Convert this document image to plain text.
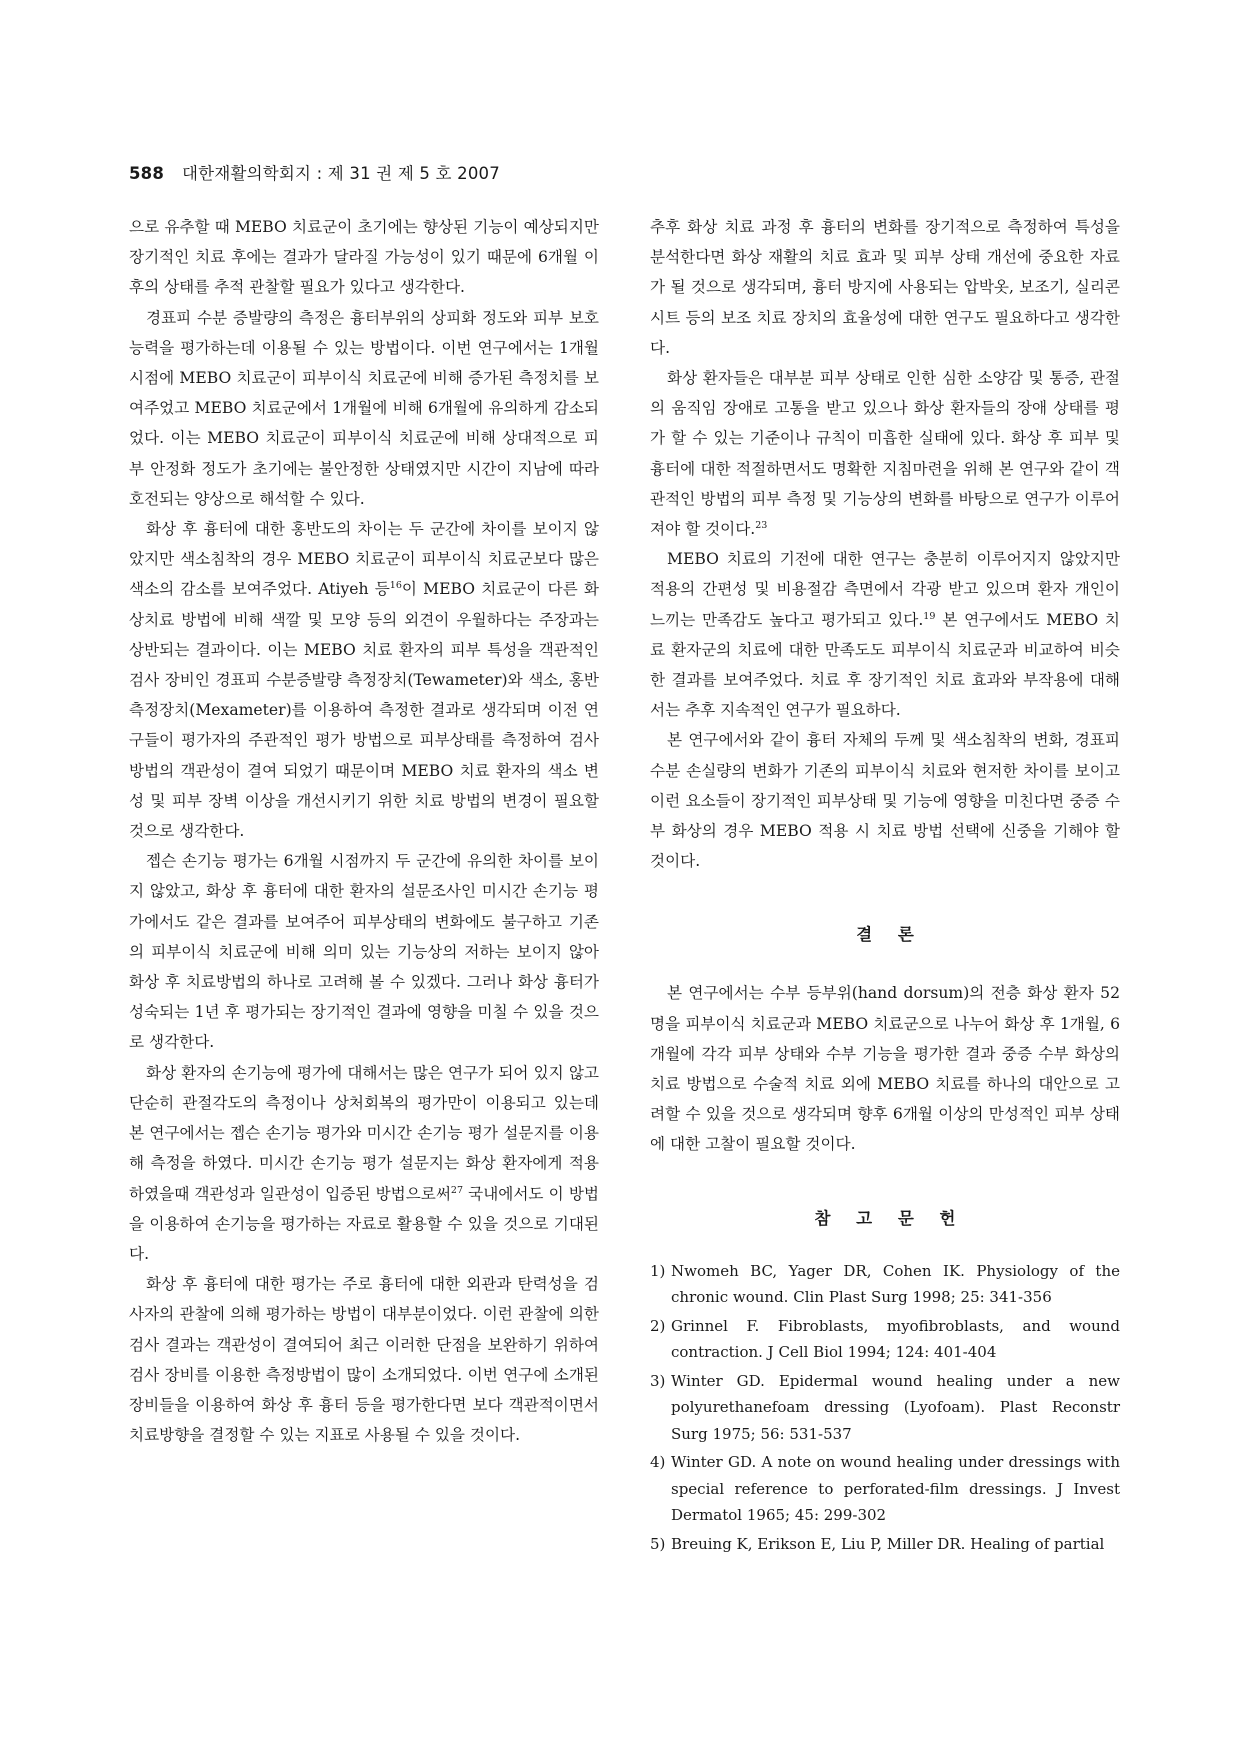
588 대한재활의학회지 : 제 31 권 제 5 호 2007

으로 유추할 때 MEBO 치료군이 초기에는 향상된 기능이 예상되지만 장기적인 치료 후에는 결과가 달라질 가능성이 있기 때문에 6개월 이후의 상태를 추적 관찰할 필요가 있다고 생각한다.

경표피 수분 증발량의 측정은 흉터부위의 상피화 정도와 피부 보호 능력을 평가하는데 이용될 수 있는 방법이다. 이번 연구에서는 1개월 시점에 MEBO 치료군이 피부이식 치료군에 비해 증가된 측정치를 보여주었고 MEBO 치료군에서 1개월에 비해 6개월에 유의하게 감소되었다. 이는 MEBO 치료군이 피부이식 치료군에 비해 상대적으로 피부 안정화 정도가 초기에는 불안정한 상태였지만 시간이 지남에 따라 호전되는 양상으로 해석할 수 있다.

화상 후 흉터에 대한 홍반도의 차이는 두 군간에 차이를 보이지 않았지만 색소침착의 경우 MEBO 치료군이 피부이식 치료군보다 많은 색소의 감소를 보여주었다. Atiyeh 등$^{16}$이 MEBO 치료군이 다른 화상치료 방법에 비해 색깔 및 모양 등의 외견이 우월하다는 주장과는 상반되는 결과이다. 이는 MEBO 치료 환자의 피부 특성을 객관적인 검사 장비인 경표피 수분증발량 측정장치(Tewameter)와 색소, 홍반 측정장치(Mexameter)를 이용하여 측정한 결과로 생각되며 이전 연구들이 평가자의 주관적인 평가 방법으로 피부상태를 측정하여 검사 방법의 객관성이 결여 되었기 때문이며 MEBO 치료 환자의 색소 변성 및 피부 장벽 이상을 개선시키기 위한 치료 방법의 변경이 필요할 것으로 생각한다.

젭슨 손기능 평가는 6개월 시점까지 두 군간에 유의한 차이를 보이지 않았고, 화상 후 흉터에 대한 환자의 설문조사인 미시간 손기능 평가에서도 같은 결과를 보여주어 피부상태의 변화에도 불구하고 기존의 피부이식 치료군에 비해 의미 있는 기능상의 저하는 보이지 않아 화상 후 치료방법의 하나로 고려해 볼 수 있겠다. 그러나 화상 흉터가 성숙되는 1년 후 평가되는 장기적인 결과에 영향을 미칠 수 있을 것으로 생각한다.

화상 환자의 손기능에 평가에 대해서는 많은 연구가 되어 있지 않고 단순히 관절각도의 측정이나 상처회복의 평가만이 이용되고 있는데 본 연구에서는 젭슨 손기능 평가와 미시간 손기능 평가 설문지를 이용해 측정을 하였다. 미시간 손기능 평가 설문지는 화상 환자에게 적용하였을때 객관성과 일관성이 입증된 방법으로써$^{27}$ 국내에서도 이 방법을 이용하여 손기능을 평가하는 자료로 활용할 수 있을 것으로 기대된다.

화상 후 흉터에 대한 평가는 주로 흉터에 대한 외관과 탄력성을 검사자의 관찰에 의해 평가하는 방법이 대부분이었다. 이런 관찰에 의한 검사 결과는 객관성이 결여되어 최근 이러한 단점을 보완하기 위하여 검사 장비를 이용한 측정방법이 많이 소개되었다. 이번 연구에 소개된 장비들을 이용하여 화상 후 흉터 등을 평가한다면 보다 객관적이면서 치료방향을 결정할 수 있는 지표로 사용될 수 있을 것이다.

추후 화상 치료 과정 후 흉터의 변화를 장기적으로 측정하여 특성을 분석한다면 화상 재활의 치료 효과 및 피부 상태 개선에 중요한 자료가 될 것으로 생각되며, 흉터 방지에 사용되는 압박옷, 보조기, 실리콘 시트 등의 보조 치료 장치의 효율성에 대한 연구도 필요하다고 생각한다.

화상 환자들은 대부분 피부 상태로 인한 심한 소양감 및 통증, 관절의 움직임 장애로 고통을 받고 있으나 화상 환자들의 장애 상태를 평가 할 수 있는 기준이나 규칙이 미흡한 실태에 있다. 화상 후 피부 및 흉터에 대한 적절하면서도 명확한 지침마련을 위해 본 연구와 같이 객관적인 방법의 피부 측정 및 기능상의 변화를 바탕으로 연구가 이루어져야 할 것이다.$^{23}$

MEBO 치료의 기전에 대한 연구는 충분히 이루어지지 않았지만 적용의 간편성 및 비용절감 측면에서 각광 받고 있으며 환자 개인이 느끼는 만족감도 높다고 평가되고 있다.$^{19}$ 본 연구에서도 MEBO 치료 환자군의 치료에 대한 만족도도 피부이식 치료군과 비교하여 비슷한 결과를 보여주었다. 치료 후 장기적인 치료 효과와 부작용에 대해서는 추후 지속적인 연구가 필요하다.

본 연구에서와 같이 흉터 자체의 두께 및 색소침착의 변화, 경표피 수분 손실량의 변화가 기존의 피부이식 치료와 현저한 차이를 보이고 이런 요소들이 장기적인 피부상태 및 기능에 영향을 미친다면 중증 수부 화상의 경우 MEBO 적용 시 치료 방법 선택에 신중을 기해야 할 것이다.

결 론

본 연구에서는 수부 등부위(hand dorsum)의 전층 화상 환자 52명을 피부이식 치료군과 MEBO 치료군으로 나누어 화상 후 1개월, 6개월에 각각 피부 상태와 수부 기능을 평가한 결과 중증 수부 화상의 치료 방법으로 수술적 치료 외에 MEBO 치료를 하나의 대안으로 고려할 수 있을 것으로 생각되며 향후 6개월 이상의 만성적인 피부 상태에 대한 고찰이 필요할 것이다.

참 고 문 헌
1) Nwomeh BC, Yager DR, Cohen IK. Physiology of the chronic wound. Clin Plast Surg 1998; 25: 341-356
2) Grinnel F. Fibroblasts, myofibroblasts, and wound contraction. J Cell Biol 1994; 124: 401-404
3) Winter GD. Epidermal wound healing under a new polyurethanefoam dressing (Lyofoam). Plast Reconstr Surg 1975; 56: 531-537
4) Winter GD. A note on wound healing under dressings with special reference to perforated-film dressings. J Invest Dermatol 1965; 45: 299-302
5) Breuing K, Erikson E, Liu P, Miller DR. Healing of partial
